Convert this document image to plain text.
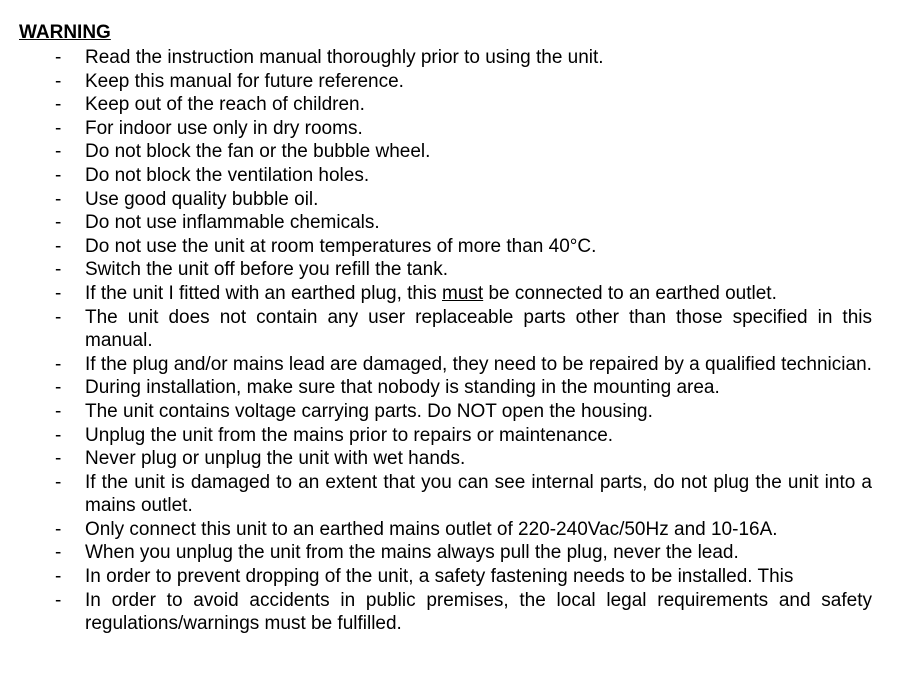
WARNING
- Read the instruction manual thoroughly prior to using the unit.
- Keep this manual for future reference.
- Keep out of the reach of children.
- For indoor use only in dry rooms.
- Do not block the fan or the bubble wheel.
- Do not block the ventilation holes.
- Use good quality bubble oil.
- Do not use inflammable chemicals.
- Do not use the unit at room temperatures of more than 40°C.
- Switch the unit off before you refill the tank.
- If the unit I fitted with an earthed plug, this must be connected to an earthed outlet.
- The unit does not contain any user replaceable parts other than those specified in this manual.
- If the plug and/or mains lead are damaged, they need to be repaired by a qualified technician.
- During installation, make sure that nobody is standing in the mounting area.
- The unit contains voltage carrying parts. Do NOT open the housing.
- Unplug the unit from the mains prior to repairs or maintenance.
- Never plug or unplug the unit with wet hands.
- If the unit is damaged to an extent that you can see internal parts, do not plug the unit into a mains outlet.
- Only connect this unit to an earthed mains outlet of 220-240Vac/50Hz and 10-16A.
- When you unplug the unit from the mains always pull the plug, never the lead.
- In order to prevent dropping of the unit, a safety fastening needs to be installed. This
- In order to avoid accidents in public premises, the local legal requirements and safety regulations/warnings must be fulfilled.
